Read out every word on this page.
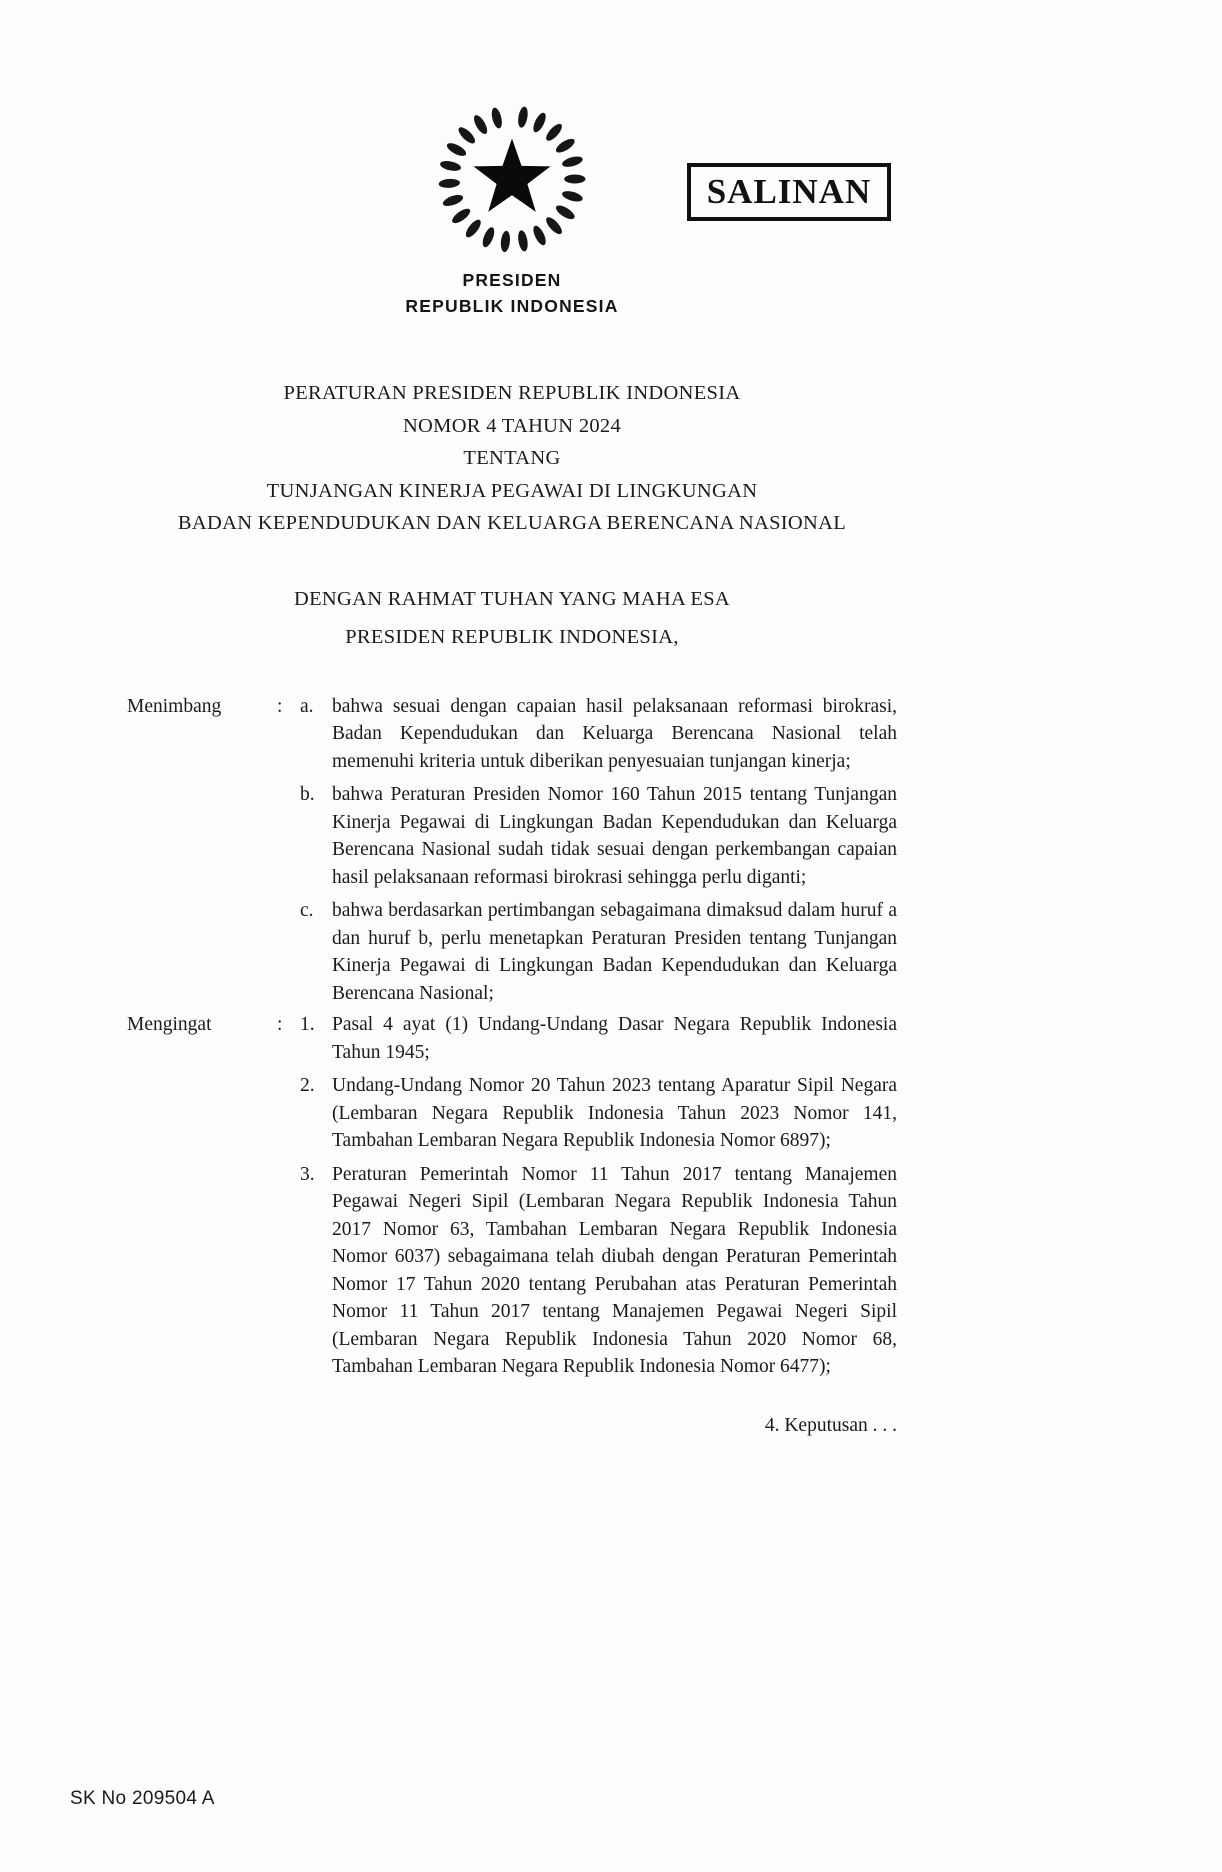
SALINAN
PRESIDEN
REPUBLIK INDONESIA
PERATURAN PRESIDEN REPUBLIK INDONESIA
NOMOR 4 TAHUN 2024
TENTANG
TUNJANGAN KINERJA PEGAWAI DI LINGKUNGAN
BADAN KEPENDUDUKAN DAN KELUARGA BERENCANA NASIONAL
DENGAN RAHMAT TUHAN YANG MAHA ESA
PRESIDEN REPUBLIK INDONESIA,
Menimbang	: a. bahwa sesuai dengan capaian hasil pelaksanaan reformasi birokrasi, Badan Kependudukan dan Keluarga Berencana Nasional telah memenuhi kriteria untuk diberikan penyesuaian tunjangan kinerja;
b. bahwa Peraturan Presiden Nomor 160 Tahun 2015 tentang Tunjangan Kinerja Pegawai di Lingkungan Badan Kependudukan dan Keluarga Berencana Nasional sudah tidak sesuai dengan perkembangan capaian hasil pelaksanaan reformasi birokrasi sehingga perlu diganti;
c. bahwa berdasarkan pertimbangan sebagaimana dimaksud dalam huruf a dan huruf b, perlu menetapkan Peraturan Presiden tentang Tunjangan Kinerja Pegawai di Lingkungan Badan Kependudukan dan Keluarga Berencana Nasional;
Mengingat	: 1. Pasal 4 ayat (1) Undang-Undang Dasar Negara Republik Indonesia Tahun 1945;
2. Undang-Undang Nomor 20 Tahun 2023 tentang Aparatur Sipil Negara (Lembaran Negara Republik Indonesia Tahun 2023 Nomor 141, Tambahan Lembaran Negara Republik Indonesia Nomor 6897);
3. Peraturan Pemerintah Nomor 11 Tahun 2017 tentang Manajemen Pegawai Negeri Sipil (Lembaran Negara Republik Indonesia Tahun 2017 Nomor 63, Tambahan Lembaran Negara Republik Indonesia Nomor 6037) sebagaimana telah diubah dengan Peraturan Pemerintah Nomor 17 Tahun 2020 tentang Perubahan atas Peraturan Pemerintah Nomor 11 Tahun 2017 tentang Manajemen Pegawai Negeri Sipil (Lembaran Negara Republik Indonesia Tahun 2020 Nomor 68, Tambahan Lembaran Negara Republik Indonesia Nomor 6477);
4. Keputusan . . .
SK No 209504 A
